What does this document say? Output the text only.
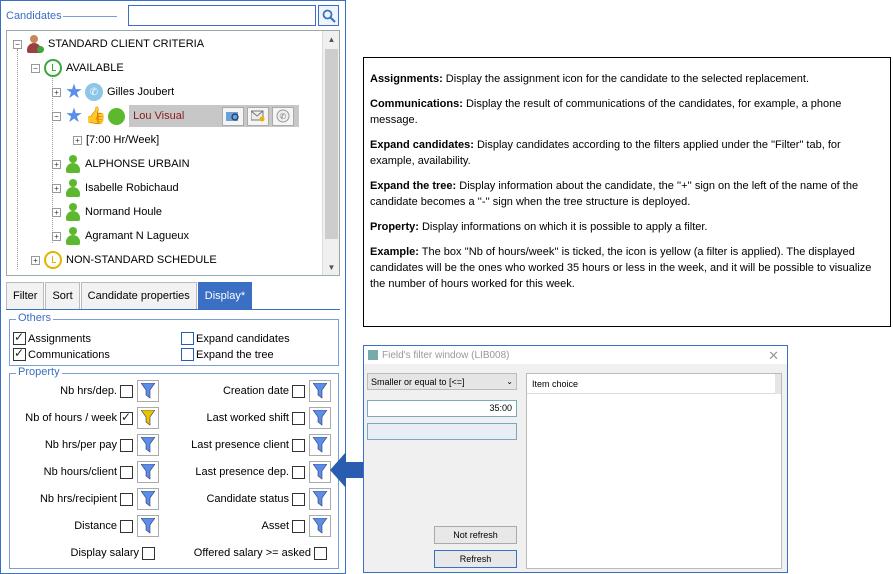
Candidates
−	STANDARD CLIENT CRITERIA
−	AVAILABLE
+ ★ ✆ Gilles Joubert
− ★ 👍 Lou Visual	✆
+ [7:00 Hr/Week]
+ ALPHONSE URBAIN
+ Isabelle Robichaud
+ Normand Houle
+ Agramant N Lagueux
+	NON-STANDARD SCHEDULE
▲
▼
Filter	Sort	Candidate properties	Display*
Others
✓
Assignments
✓
Communications
Expand candidates
Expand the tree
Property
Nb hrs/dep.	Creation date
Nb of hours / week
✓	Last worked shift
Nb hrs/per pay	Last presence client
Nb hours/client	Last presence dep.
Nb hrs/recipient	Candidate status
Distance	Asset
Display salary	Offered salary >= asked

Assignments: Display the assignment icon for the candidate to the selected replacement.

Communications: Display the result of communications of the candidates, for example, a phone message.

Expand candidates: Display candidates according to the filters applied under the "Filter" tab, for example, availability.

Expand the tree: Display information about the candidate, the ''+'' sign on the left of the name of the candidate becomes a ''-'' sign when the tree structure is deployed.

Property: Display informations on which it is possible to apply a filter.

Example: The box ''Nb of hours/week'' is ticked, the icon is yellow (a filter is applied). The displayed candidates will be the ones who worked 35 hours or less in the week, and it will be possible to visualize the number of hours worked for this week.

Field's filter window (LIB008)	✕
Smaller or equal to [<=]	⌄
35:00
Item choice
Not refresh
Refresh
